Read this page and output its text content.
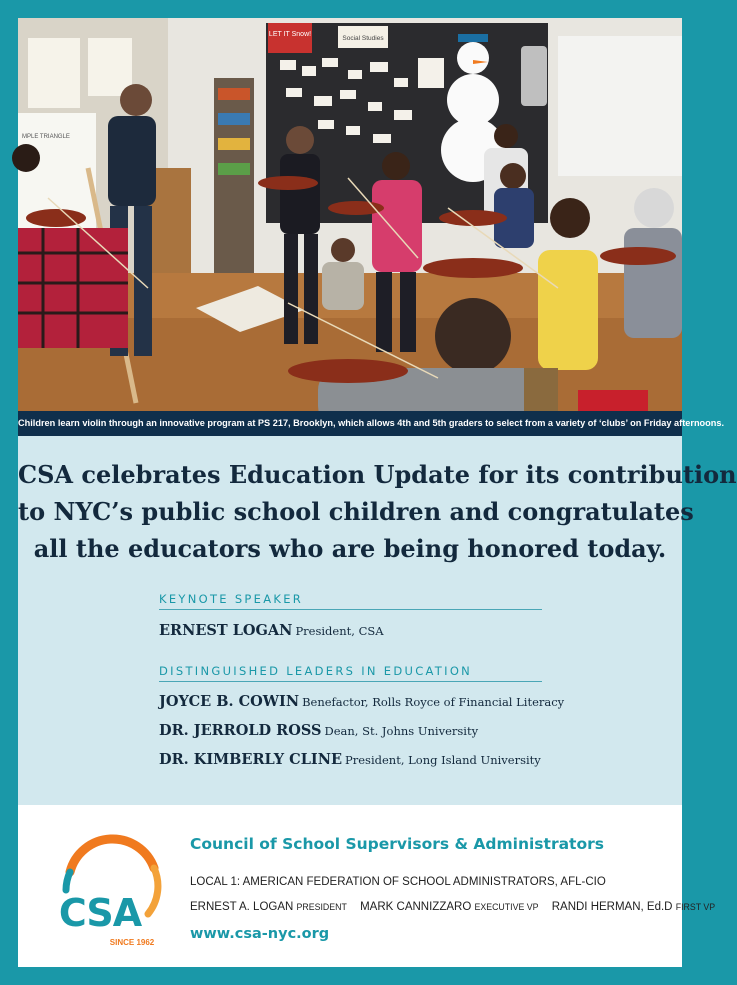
LET IT Snow!
Social Studies
MPLE TRIANGLE
Children learn violin through an innovative program at PS 217, Brooklyn, which allows 4th and 5th graders to select from a variety of ‘clubs’ on Friday afternoons.
CSA celebrates Education Update for its contribution
to NYC’s public school children and congratulates
all the educators who are being honored today.
KEYNOTE SPEAKER
ERNEST LOGAN President, CSA
DISTINGUISHED LEADERS IN EDUCATION
JOYCE B. COWIN Benefactor, Rolls Royce of Financial Literacy
DR. JERROLD ROSS Dean, St. Johns University
DR. KIMBERLY CLINE President, Long Island University
CSA
SINCE 1962
Council of School Supervisors & Administrators
LOCAL 1: AMERICAN FEDERATION OF SCHOOL ADMINISTRATORS, AFL-CIO
ERNEST A. LOGAN PRESIDENT MARK CANNIZZARO EXECUTIVE VP RANDI HERMAN, Ed.D FIRST VP
www.csa-nyc.org
